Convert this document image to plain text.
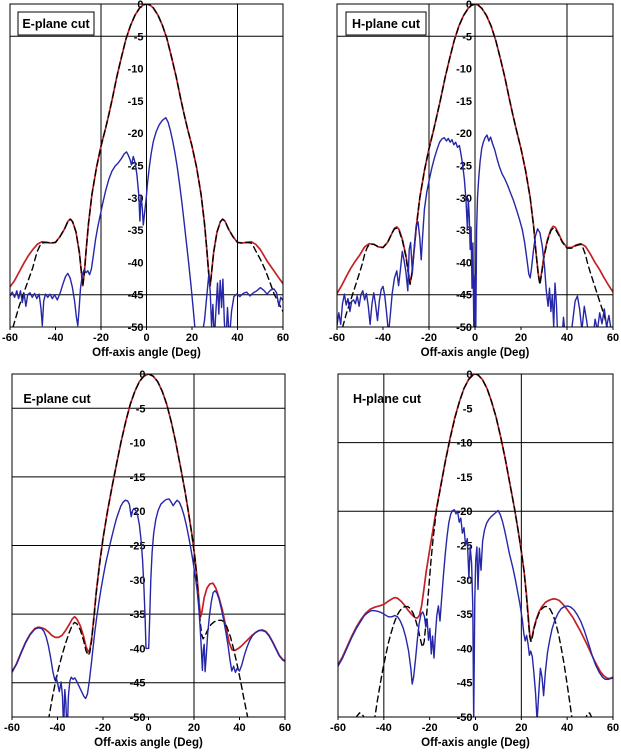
0
-5
-10
-15
-20
-25
-30
-35
-40
-45
-50
-60	-40	-20	0	20	40	60
Off-axis angle (Deg)
E-plane cut
0
-5
-10
-15
-20
-25
-30
-35
-40
-45
-50
-60	-40	-20	0	20	40	60
Off-axis angle (Deg)
H-plane cut
0
-5
-10
-15
-20
-25
-30
-35
-40
-45
-50
-60	-40	-20	0	20	40	60
Off-axis angle (Deg)
E-plane cut
0
-5
-10
-15
-20
-25
-30
-35
-40
-45
-50
-60	-40	-20	0	20	40	60
Off-axis angle (Deg)
H-plane cut
